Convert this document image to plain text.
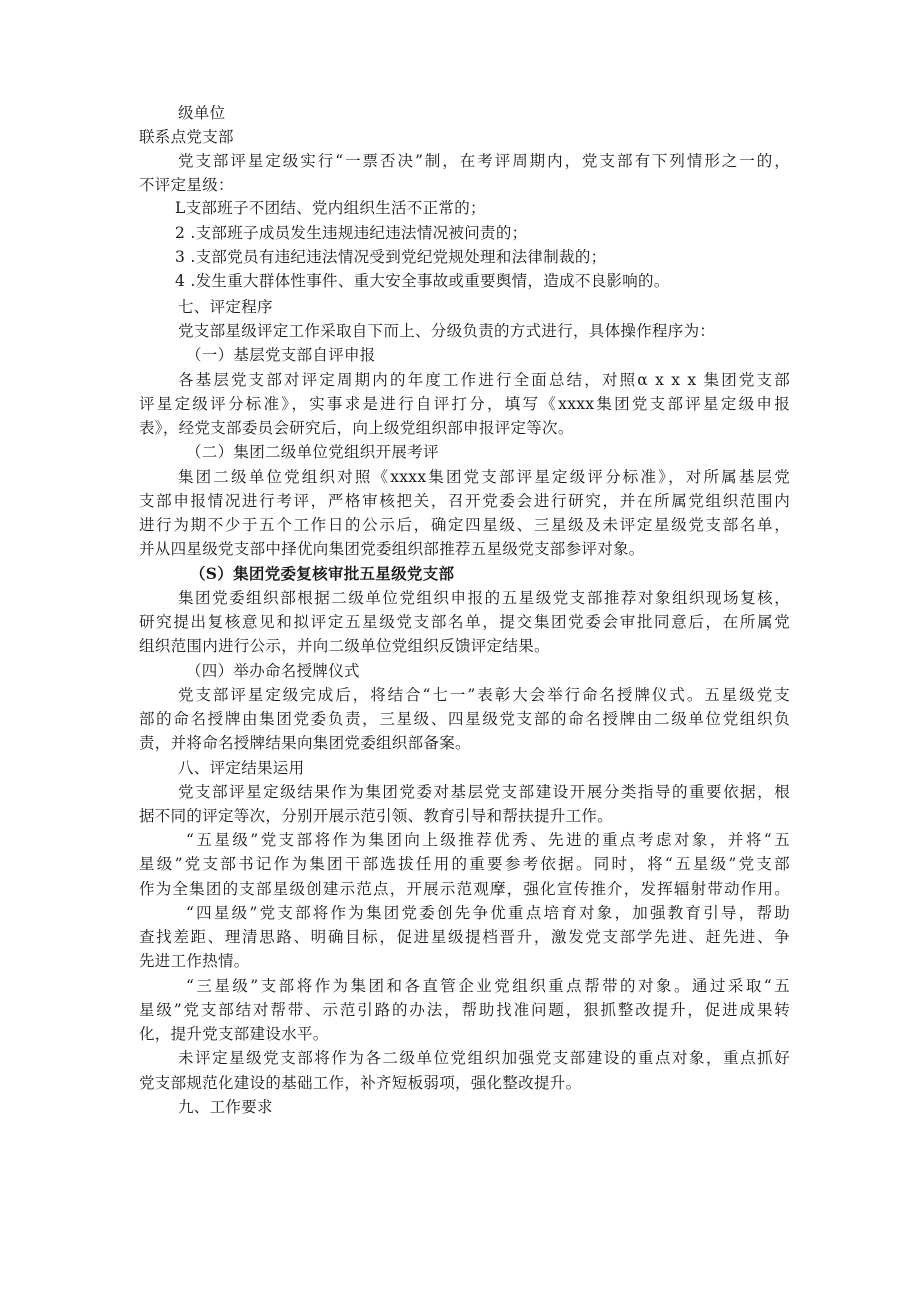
级单位
联系点党支部
党支部评星定级实行“一票否决”制，在考评周期内，党支部有下列情形之一的，
不评定星级：
L支部班子不团结、党内组织生活不正常的；
2 .支部班子成员发生违规违纪违法情况被问责的；
3 .支部党员有违纪违法情况受到党纪党规处理和法律制裁的；
4 .发生重大群体性事件、重大安全事故或重要舆情，造成不良影响的。
七、评定程序
党支部星级评定工作采取自下而上、分级负责的方式进行，具体操作程序为：
（一）基层党支部自评申报
各基层党支部对评定周期内的年度工作进行全面总结，对照α x x x 集团党支部
评星定级评分标准》，实事求是进行自评打分，填写《xxxx集团党支部评星定级申报
表》，经党支部委员会研究后，向上级党组织部申报评定等次。
（二）集团二级单位党组织开展考评
集团二级单位党组织对照《xxxx集团党支部评星定级评分标准》，对所属基层党
支部申报情况进行考评，严格审核把关，召开党委会进行研究，并在所属党组织范围内
进行为期不少于五个工作日的公示后，确定四星级、三星级及未评定星级党支部名单，
并从四星级党支部中择优向集团党委组织部推荐五星级党支部参评对象。
（S）集团党委复核审批五星级党支部
集团党委组织部根据二级单位党组织申报的五星级党支部推荐对象组织现场复核，
研究提出复核意见和拟评定五星级党支部名单，提交集团党委会审批同意后，在所属党
组织范围内进行公示，并向二级单位党组织反馈评定结果。
（四）举办命名授牌仪式
党支部评星定级完成后，将结合“七一”表彰大会举行命名授牌仪式。五星级党支
部的命名授牌由集团党委负责，三星级、四星级党支部的命名授牌由二级单位党组织负
责，并将命名授牌结果向集团党委组织部备案。
八、评定结果运用
党支部评星定级结果作为集团党委对基层党支部建设开展分类指导的重要依据，根
据不同的评定等次，分别开展示范引领、教育引导和帮扶提升工作。
“五星级”党支部将作为集团向上级推荐优秀、先进的重点考虑对象，并将“五
星级”党支部书记作为集团干部选拔任用的重要参考依据。同时，将“五星级”党支部
作为全集团的支部星级创建示范点，开展示范观摩，强化宣传推介，发挥辐射带动作用。
“四星级”党支部将作为集团党委创先争优重点培育对象，加强教育引导，帮助
查找差距、理清思路、明确目标，促进星级提档晋升，激发党支部学先进、赶先进、争
先进工作热情。
“三星级”支部将作为集团和各直管企业党组织重点帮带的对象。通过采取“五
星级”党支部结对帮带、示范引路的办法，帮助找准问题，狠抓整改提升，促进成果转
化，提升党支部建设水平。
未评定星级党支部将作为各二级单位党组织加强党支部建设的重点对象，重点抓好
党支部规范化建设的基础工作，补齐短板弱项，强化整改提升。
九、工作要求
